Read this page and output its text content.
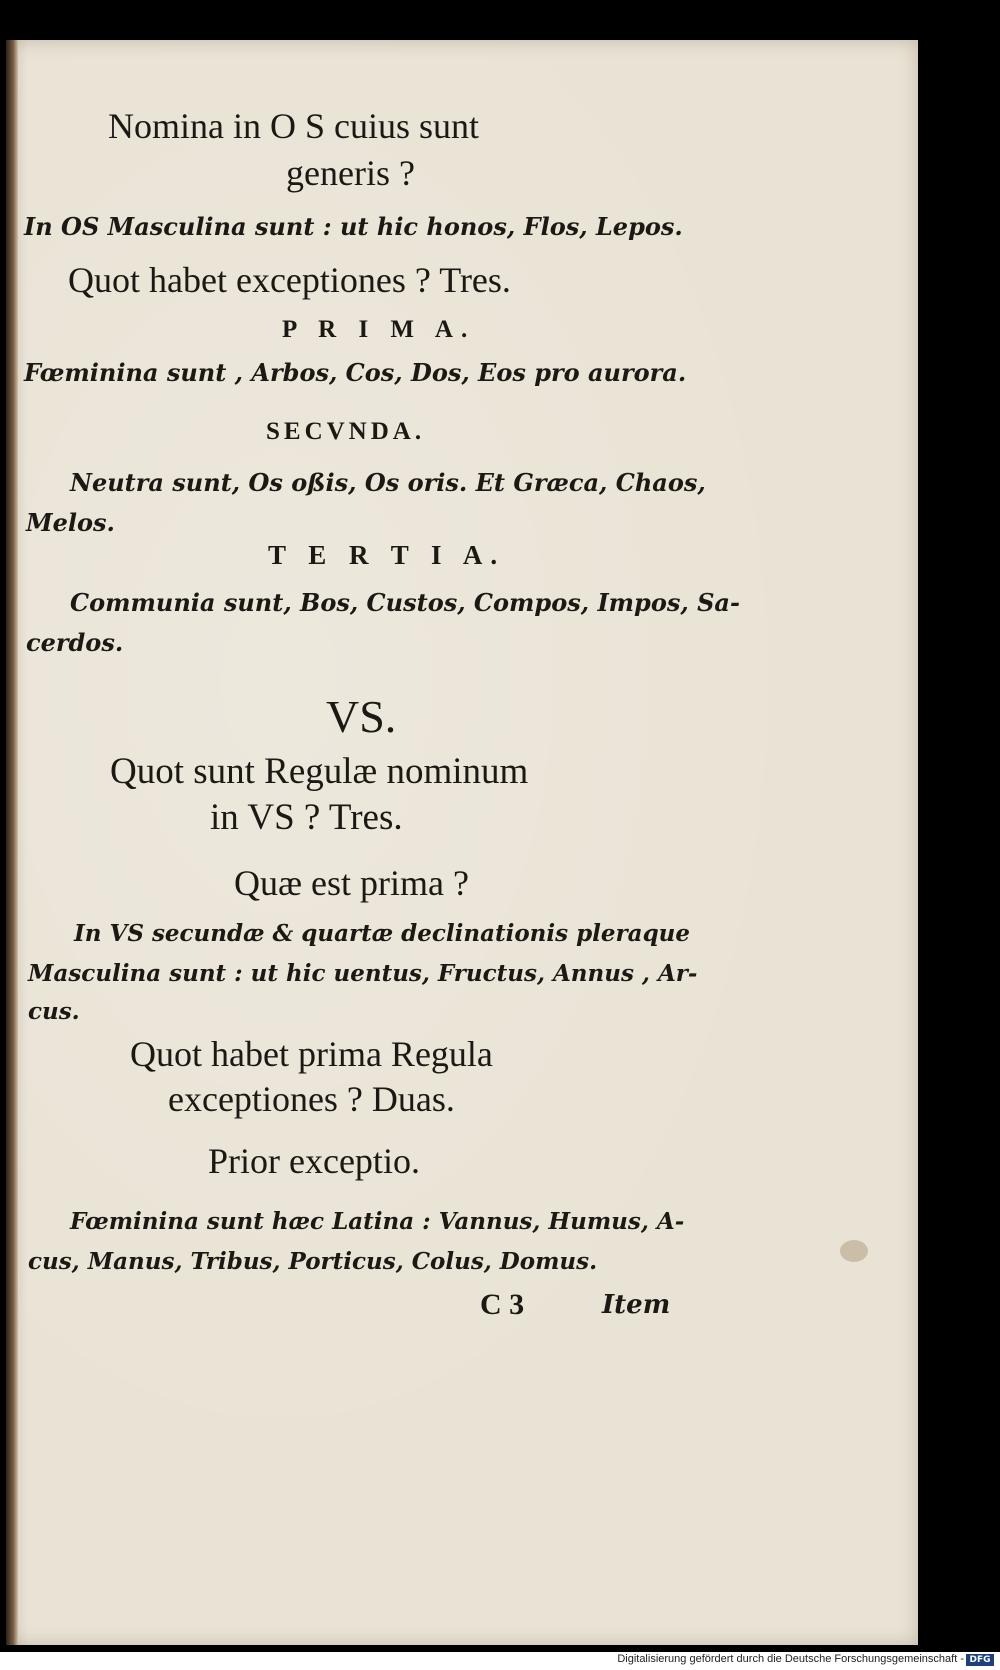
Nomina in O S cuius sunt
generis ?
In OS Masculina sunt : ut hic honos, Flos, Lepos.
Quot habet exceptiones ? Tres.
P R I M A.
Fœminina sunt , Arbos, Cos, Dos, Eos pro aurora.
SECVNDA.
Neutra sunt, Os oßis, Os oris. Et Græca, Chaos,
Melos.
T E R T I A.
Communia sunt, Bos, Custos, Compos, Impos, Sa-
cerdos.
VS.
Quot sunt Regulæ nominum
in VS ? Tres.
Quæ est prima ?
In VS secundæ & quartæ declinationis pleraque
Masculina sunt : ut hic uentus, Fructus, Annus , Ar-
cus.
Quot habet prima Regula
exceptiones ? Duas.
Prior exceptio.
Fœminina sunt hæc Latina : Vannus, Humus, A-
cus, Manus, Tribus, Porticus, Colus, Domus.
C 3	Item
Digitalisierung gefördert durch die Deutsche Forschungsgemeinschaft - DFG
